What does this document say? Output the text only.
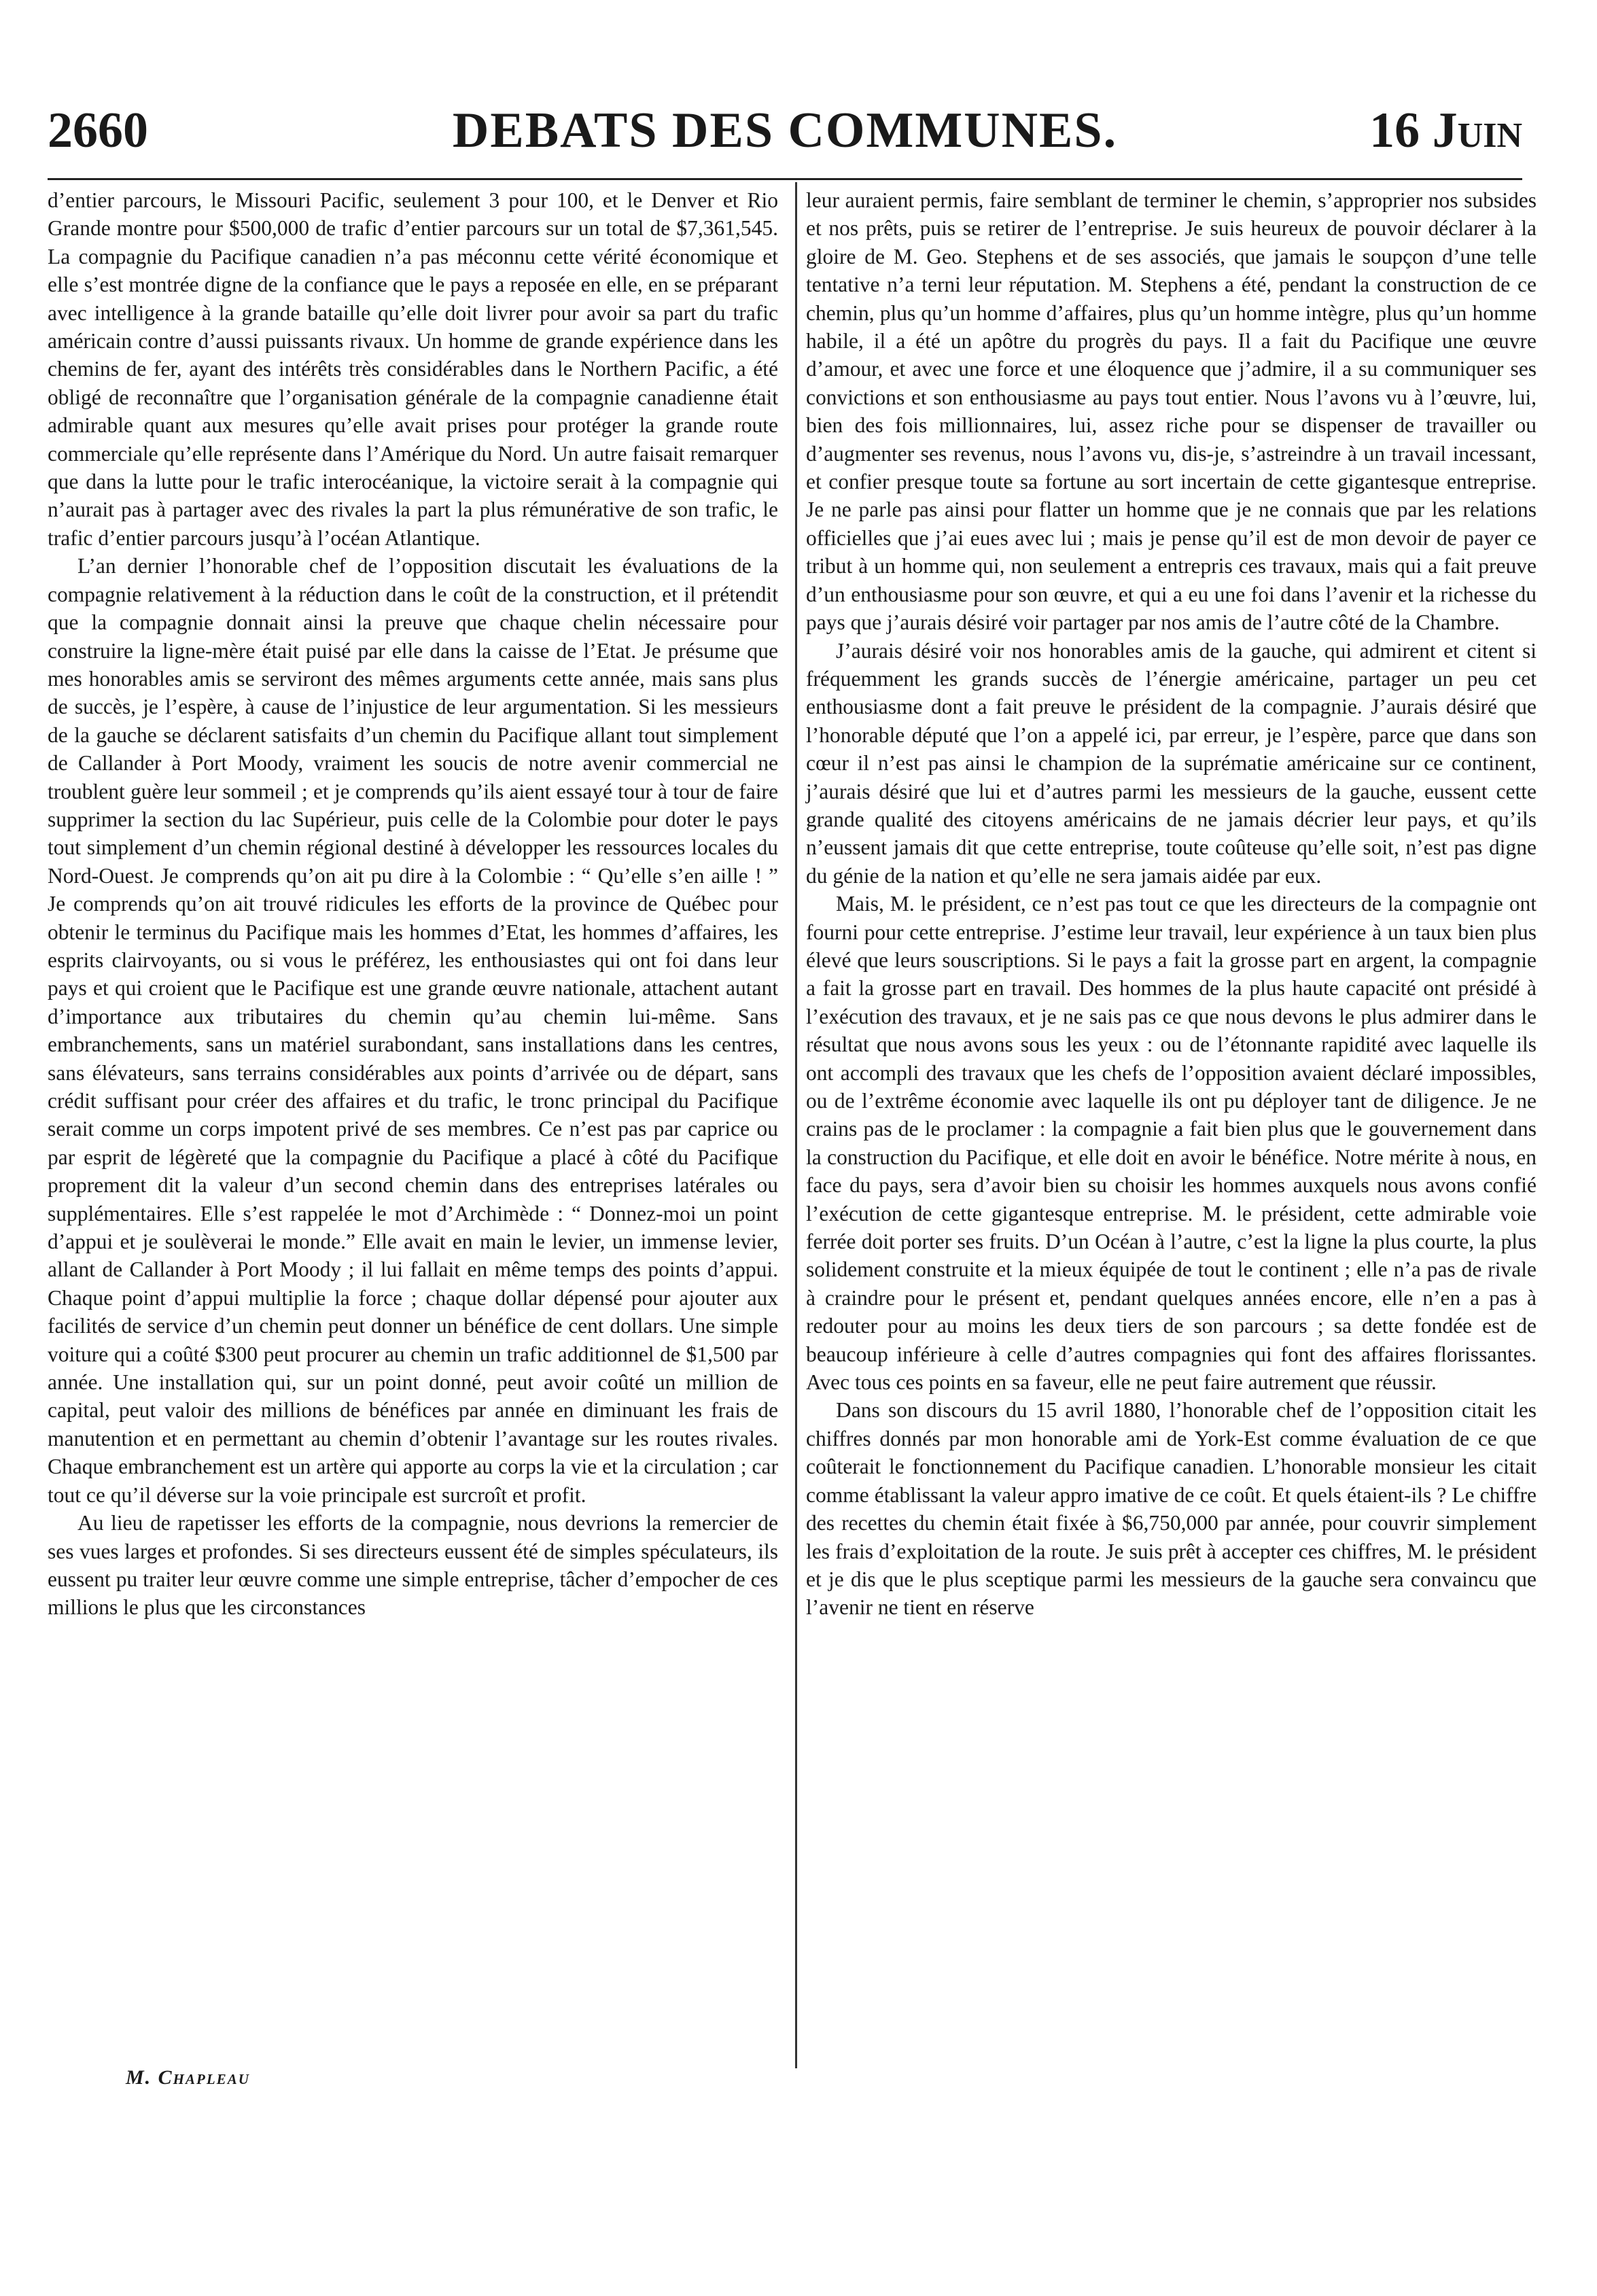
2660	DEBATS DES COMMUNES.	16 Juin

d’entier parcours, le Missouri Pacific, seulement 3 pour 100, et le Denver et Rio Grande montre pour $500,000 de trafic d’entier parcours sur un total de $7,361,545. La compagnie du Pacifique canadien n’a pas méconnu cette vérité économique et elle s’est montrée digne de la confiance que le pays a reposée en elle, en se préparant avec intelligence à la grande bataille qu’elle doit livrer pour avoir sa part du trafic américain contre d’aussi puissants rivaux. Un homme de grande expérience dans les chemins de fer, ayant des intérêts très considérables dans le Northern Pacific, a été obligé de reconnaître que l’organisation générale de la compagnie canadienne était admirable quant aux mesures qu’elle avait prises pour protéger la grande route commerciale qu’elle représente dans l’Amérique du Nord. Un autre faisait remarquer que dans la lutte pour le trafic interocéanique, la victoire serait à la compagnie qui n’aurait pas à partager avec des rivales la part la plus rémunérative de son trafic, le trafic d’entier parcours jusqu’à l’océan Atlantique.

L’an dernier l’honorable chef de l’opposition discutait les évaluations de la compagnie relativement à la réduction dans le coût de la construction, et il prétendit que la compagnie donnait ainsi la preuve que chaque chelin nécessaire pour construire la ligne-mère était puisé par elle dans la caisse de l’Etat. Je présume que mes honorables amis se serviront des mêmes arguments cette année, mais sans plus de succès, je l’espère, à cause de l’injustice de leur argumentation. Si les messieurs de la gauche se déclarent satisfaits d’un chemin du Pacifique allant tout simplement de Callander à Port Moody, vraiment les soucis de notre avenir commercial ne troublent guère leur sommeil ; et je comprends qu’ils aient essayé tour à tour de faire supprimer la section du lac Supérieur, puis celle de la Colombie pour doter le pays tout simplement d’un chemin régional destiné à développer les ressources locales du Nord-Ouest. Je comprends qu’on ait pu dire à la Colombie : “ Qu’elle s’en aille ! ” Je comprends qu’on ait trouvé ridicules les efforts de la province de Québec pour obtenir le terminus du Pacifique mais les hommes d’Etat, les hommes d’affaires, les esprits clairvoyants, ou si vous le préférez, les enthousiastes qui ont foi dans leur pays et qui croient que le Pacifique est une grande œuvre nationale, attachent autant d’importance aux tributaires du chemin qu’au chemin lui-même. Sans embranchements, sans un matériel surabondant, sans installations dans les centres, sans élévateurs, sans terrains considérables aux points d’arrivée ou de départ, sans crédit suffisant pour créer des affaires et du trafic, le tronc principal du Pacifique serait comme un corps impotent privé de ses membres. Ce n’est pas par caprice ou par esprit de légèreté que la compagnie du Pacifique a placé à côté du Pacifique proprement dit la valeur d’un second chemin dans des entreprises latérales ou supplémentaires. Elle s’est rappelée le mot d’Archimède : “ Donnez-moi un point d’appui et je soulèverai le monde.” Elle avait en main le levier, un immense levier, allant de Callander à Port Moody ; il lui fallait en même temps des points d’appui. Chaque point d’appui multiplie la force ; chaque dollar dépensé pour ajouter aux facilités de service d’un chemin peut donner un bénéfice de cent dollars. Une simple voiture qui a coûté $300 peut procurer au chemin un trafic additionnel de $1,500 par année. Une installation qui, sur un point donné, peut avoir coûté un million de capital, peut valoir des millions de bénéfices par année en diminuant les frais de manutention et en permettant au chemin d’obtenir l’avantage sur les routes rivales. Chaque embranchement est un artère qui apporte au corps la vie et la circulation ; car tout ce qu’il déverse sur la voie principale est surcroît et profit.

Au lieu de rapetisser les efforts de la compagnie, nous devrions la remercier de ses vues larges et profondes. Si ses directeurs eussent été de simples spéculateurs, ils eussent pu traiter leur œuvre comme une simple entreprise, tâcher d’empocher de ces millions le plus que les circonstances

leur auraient permis, faire semblant de terminer le chemin, s’approprier nos subsides et nos prêts, puis se retirer de l’entreprise. Je suis heureux de pouvoir déclarer à la gloire de M. Geo. Stephens et de ses associés, que jamais le soupçon d’une telle tentative n’a terni leur réputation. M. Stephens a été, pendant la construction de ce chemin, plus qu’un homme d’affaires, plus qu’un homme intègre, plus qu’un homme habile, il a été un apôtre du progrès du pays. Il a fait du Pacifique une œuvre d’amour, et avec une force et une éloquence que j’admire, il a su communiquer ses convictions et son enthousiasme au pays tout entier. Nous l’avons vu à l’œuvre, lui, bien des fois millionnaires, lui, assez riche pour se dispenser de travailler ou d’augmenter ses revenus, nous l’avons vu, dis-je, s’astreindre à un travail incessant, et confier presque toute sa fortune au sort incertain de cette gigantesque entreprise. Je ne parle pas ainsi pour flatter un homme que je ne connais que par les relations officielles que j’ai eues avec lui ; mais je pense qu’il est de mon devoir de payer ce tribut à un homme qui, non seulement a entrepris ces travaux, mais qui a fait preuve d’un enthousiasme pour son œuvre, et qui a eu une foi dans l’avenir et la richesse du pays que j’aurais désiré voir partager par nos amis de l’autre côté de la Chambre.

J’aurais désiré voir nos honorables amis de la gauche, qui admirent et citent si fréquemment les grands succès de l’énergie américaine, partager un peu cet enthousiasme dont a fait preuve le président de la compagnie. J’aurais désiré que l’honorable député que l’on a appelé ici, par erreur, je l’espère, parce que dans son cœur il n’est pas ainsi le champion de la suprématie américaine sur ce continent, j’aurais désiré que lui et d’autres parmi les messieurs de la gauche, eussent cette grande qualité des citoyens américains de ne jamais décrier leur pays, et qu’ils n’eussent jamais dit que cette entreprise, toute coûteuse qu’elle soit, n’est pas digne du génie de la nation et qu’elle ne sera jamais aidée par eux.

Mais, M. le président, ce n’est pas tout ce que les directeurs de la compagnie ont fourni pour cette entreprise. J’estime leur travail, leur expérience à un taux bien plus élevé que leurs souscriptions. Si le pays a fait la grosse part en argent, la compagnie a fait la grosse part en travail. Des hommes de la plus haute capacité ont présidé à l’exécution des travaux, et je ne sais pas ce que nous devons le plus admirer dans le résultat que nous avons sous les yeux : ou de l’étonnante rapidité avec laquelle ils ont accompli des travaux que les chefs de l’opposition avaient déclaré impossibles, ou de l’extrême économie avec laquelle ils ont pu déployer tant de diligence. Je ne crains pas de le proclamer : la compagnie a fait bien plus que le gouvernement dans la construction du Pacifique, et elle doit en avoir le bénéfice. Notre mérite à nous, en face du pays, sera d’avoir bien su choisir les hommes auxquels nous avons confié l’exécution de cette gigantesque entreprise. M. le président, cette admirable voie ferrée doit porter ses fruits. D’un Océan à l’autre, c’est la ligne la plus courte, la plus solidement construite et la mieux équipée de tout le continent ; elle n’a pas de rivale à craindre pour le présent et, pendant quelques années encore, elle n’en a pas à redouter pour au moins les deux tiers de son parcours ; sa dette fondée est de beaucoup inférieure à celle d’autres compagnies qui font des affaires florissantes. Avec tous ces points en sa faveur, elle ne peut faire autrement que réussir.

Dans son discours du 15 avril 1880, l’honorable chef de l’opposition citait les chiffres donnés par mon honorable ami de York-Est comme évaluation de ce que coûterait le fonctionnement du Pacifique canadien. L’honorable monsieur les citait comme établissant la valeur appro imative de ce coût. Et quels étaient-ils ? Le chiffre des recettes du chemin était fixée à $6,750,000 par année, pour couvrir simplement les frais d’exploitation de la route. Je suis prêt à accepter ces chiffres, M. le président et je dis que le plus sceptique parmi les messieurs de la gauche sera convaincu que l’avenir ne tient en réserve

M. Chapleau
